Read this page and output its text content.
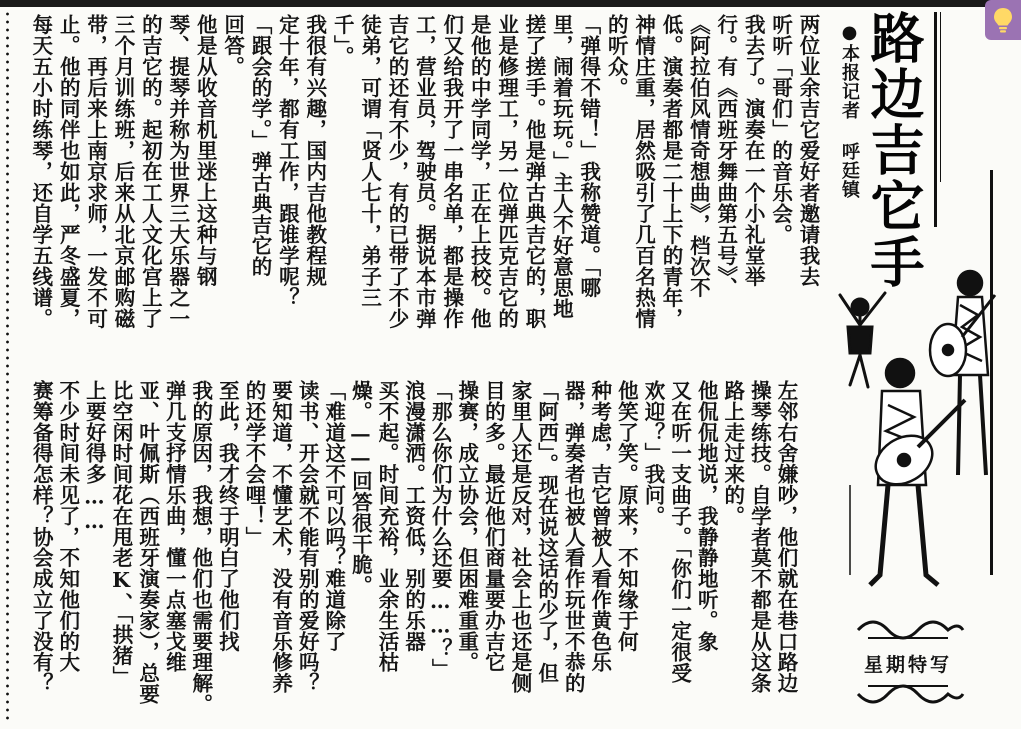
路边吉它手
●本报记者 呼廷镇
星期特写
两位业余吉它爱好者邀请我去
听听「哥们」的音乐会。
我去了。演奏在一个小礼堂举
行。有《西班牙舞曲第五号》、
《阿拉伯风情奇想曲》，档次不
低。演奏者都是二十上下的青年，
神情庄重，居然吸引了几百名热情
的听众。
「弹得不错！」我称赞道。「哪
里，闹着玩玩。」主人不好意思地
搓了搓手。他是弹古典吉它的，职
业是修理工，另一位弹匹克吉它的
是他的中学同学，正在上技校。他
们又给我开了一串名单，都是操作
工，营业员，驾驶员。据说本市弹
吉它的还有不少，有的已带了不少
徒弟，可谓「贤人七十，弟子三
千」。
我很有兴趣，国内吉他教程规
定十年，都有工作，跟谁学呢？
「跟会的学。」弹古典吉它的
回答。
他是从收音机里迷上这种与钢
琴、提琴并称为世界三大乐器之一
的吉它的。起初在工人文化宫上了
三个月训练班，后来从北京邮购磁
带，再后来上南京求师，一发不可
止。他的同伴也如此，严冬盛夏，
每天五小时练琴，还自学五线谱。
左邻右舍嫌吵，他们就在巷口路边
操琴练技。自学者莫不都是从这条
路上走过来的。
他侃侃地说，我静静地听。象
又在听一支曲子。「你们一定很受
欢迎？」我问。
他笑了笑。原来，不知缘于何
种考虑，吉它曾被人看作黄色乐
器，弹奏者也被人看作玩世不恭的
「阿西」。现在说这话的少了，但
家里人还是反对，社会上也还是侧
目的多。最近他们商量要办吉它
操赛，成立协会，但困难重重。
「那么你们为什么还要……？」
浪漫潇洒。工资低，别的乐器
买不起。时间充裕，业余生活枯
燥。——回答很干脆。
「难道这不可以吗？难道除了
读书、开会就不能有别的爱好吗？
要知道，不懂艺术，没有音乐修养
的还学不会哩！」
至此，我才终于明白了他们找
我的原因，我想，他们也需要理解。
弹几支抒情乐曲，懂一点塞戈维
亚、叶佩斯（西班牙演奏家），总要
比空闲时间花在甩老K、「拱猪」
上要好得多……
不少时间未见了，不知他们的大
赛筹备得怎样？协会成立了没有？
